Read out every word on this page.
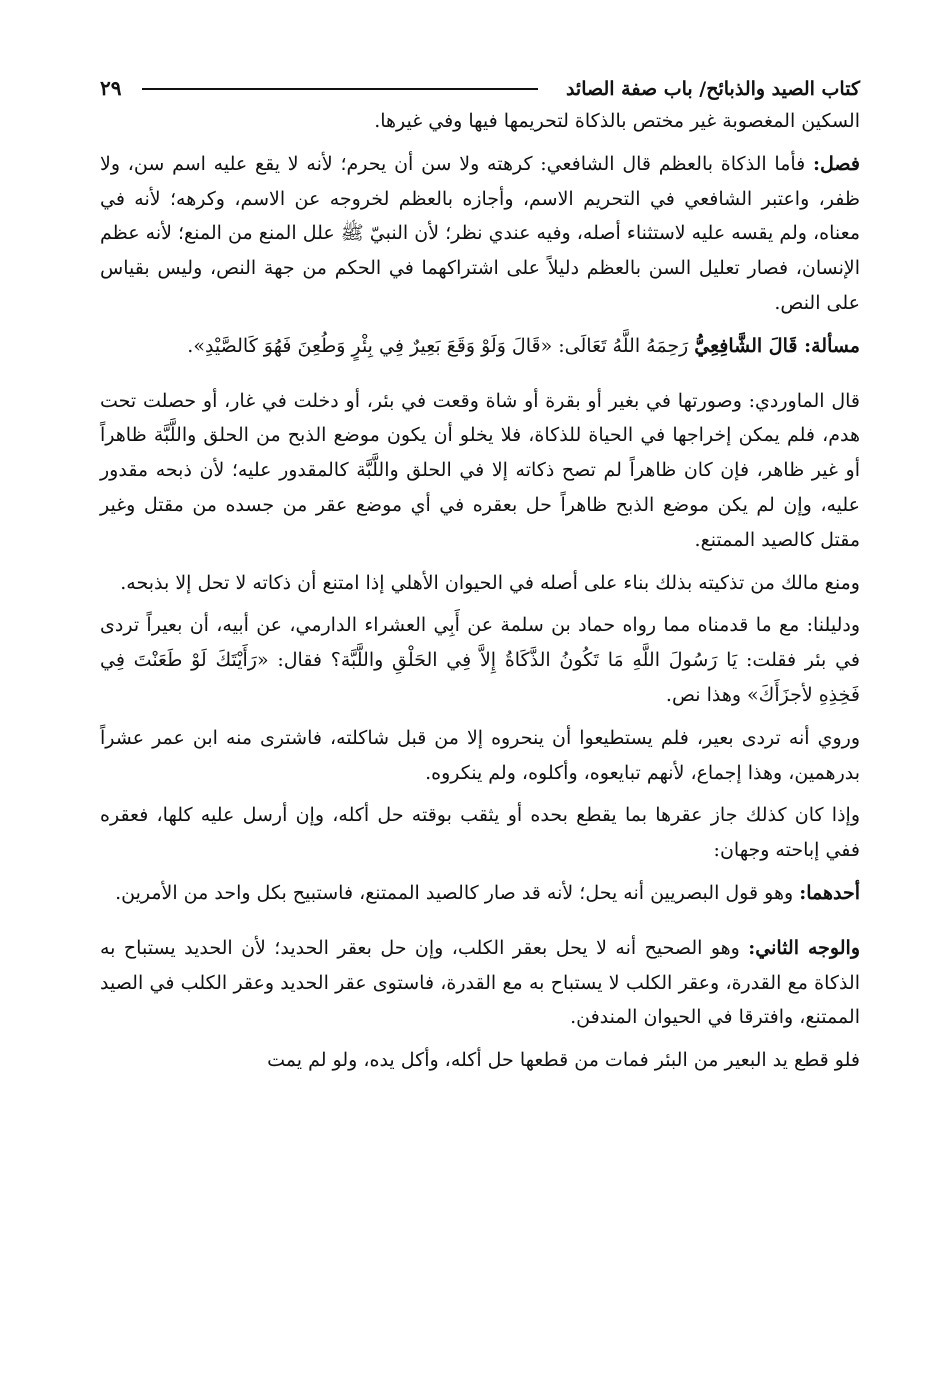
كتاب الصيد والذبائح/ باب صفة الصائد
٢٩

السكين المغصوبة غير مختص بالذكاة لتحريمها فيها وفي غيرها.

فصل: فأما الذكاة بالعظم قال الشافعي: كرهته ولا سن أن يحرم؛ لأنه لا يقع عليه اسم سن، ولا ظفر، واعتبر الشافعي في التحريم الاسم، وأجازه بالعظم لخروجه عن الاسم، وكرهه؛ لأنه في معناه، ولم يقسه عليه لاستثناء أصله، وفيه عندي نظر؛ لأن النبيّ ﷺ علل المنع من المنع؛ لأنه عظم الإنسان، فصار تعليل السن بالعظم دليلاً على اشتراكهما في الحكم من جهة النص، وليس بقياس على النص.

مسألة: قَالَ الشَّافِعِيُّ رَحِمَهُ اللَّهُ تَعَالَى: «قَالَ وَلَوْ وَقَعَ بَعِيرٌ فِي بِئْرٍ وَطُعِنَ فَهُوَ كَالصَّيْدِ».

قال الماوردي: وصورتها في بغير أو بقرة أو شاة وقعت في بئر، أو دخلت في غار، أو حصلت تحت هدم، فلم يمكن إخراجها في الحياة للذكاة، فلا يخلو أن يكون موضع الذبح من الحلق واللَّبَّة ظاهراً أو غير ظاهر، فإن كان ظاهراً لم تصح ذكاته إلا في الحلق واللَّبَّة كالمقدور عليه؛ لأن ذبحه مقدور عليه، وإن لم يكن موضع الذبح ظاهراً حل بعقره في أي موضع عقر من جسده من مقتل وغير مقتل كالصيد الممتنع.

ومنع مالك من تذكيته بذلك بناء على أصله في الحيوان الأهلي إذا امتنع أن ذكاته لا تحل إلا بذبحه.

ودليلنا: مع ما قدمناه مما رواه حماد بن سلمة عن أَبِي العشراء الدارمي، عن أبيه، أن بعيراً تردى في بئر فقلت: يَا رَسُولَ اللَّهِ مَا تَكُونُ الذَّكَاةُ إِلاَّ فِي الحَلْقِ واللَّبَّة؟ فقال: «رَأَيْتَكَ لَوْ طَعَنْتَ فِي فَخِذِهِ لأجزَأَكَ» وهذا نص.

وروي أنه تردى بعير، فلم يستطيعوا أن ينحروه إلا من قبل شاكلته، فاشترى منه ابن عمر عشراً بدرهمين، وهذا إجماع، لأنهم تبايعوه، وأكلوه، ولم ينكروه.

وإذا كان كذلك جاز عقرها بما يقطع بحده أو يثقب بوقته حل أكله، وإن أرسل عليه كلها، فعقره ففي إباحته وجهان:

أحدهما: وهو قول البصريين أنه يحل؛ لأنه قد صار كالصيد الممتنع، فاستبيح بكل واحد من الأمرين.

والوجه الثاني: وهو الصحيح أنه لا يحل بعقر الكلب، وإن حل بعقر الحديد؛ لأن الحديد يستباح به الذكاة مع القدرة، وعقر الكلب لا يستباح به مع القدرة، فاستوى عقر الحديد وعقر الكلب في الصيد الممتنع، وافترقا في الحيوان المندفن.

فلو قطع يد البعير من البئر فمات من قطعها حل أكله، وأكل يده، ولو لم يمت
